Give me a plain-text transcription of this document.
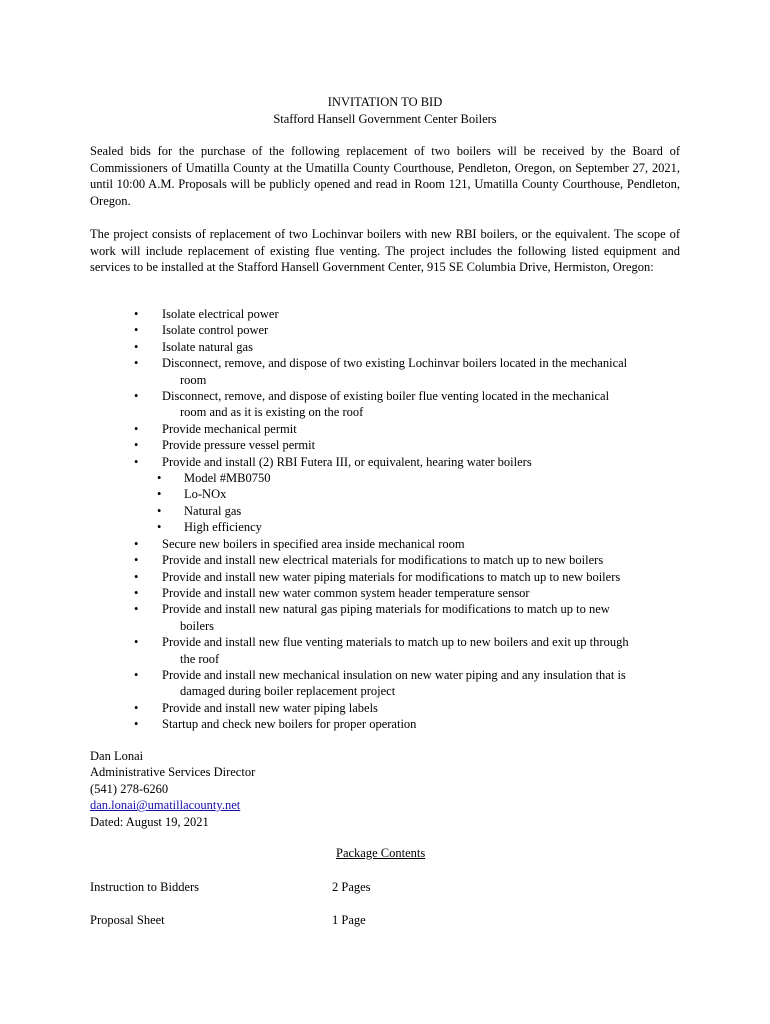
INVITATION TO BID
Stafford Hansell Government Center Boilers

Sealed bids for the purchase of the following replacement of two boilers will be received by the Board of Commissioners of Umatilla County at the Umatilla County Courthouse, Pendleton, Oregon, on September 27, 2021, until 10:00 A.M. Proposals will be publicly opened and read in Room 121, Umatilla County Courthouse, Pendleton, Oregon.

The project consists of replacement of two Lochinvar boilers with new RBI boilers, or the equivalent. The scope of work will include replacement of existing flue venting. The project includes the following listed equipment and services to be installed at the Stafford Hansell Government Center, 915 SE Columbia Drive, Hermiston, Oregon:

• Isolate electrical power
• Isolate control power
• Isolate natural gas
• Disconnect, remove, and dispose of two existing Lochinvar boilers located in the mechanical
room
• Disconnect, remove, and dispose of existing boiler flue venting located in the mechanical
room and as it is existing on the roof
• Provide mechanical permit
• Provide pressure vessel permit
• Provide and install (2) RBI Futera III, or equivalent, hearing water boilers
• Model #MB0750
• Lo-NOx
• Natural gas
• High efficiency
• Secure new boilers in specified area inside mechanical room
• Provide and install new electrical materials for modifications to match up to new boilers
• Provide and install new water piping materials for modifications to match up to new boilers
• Provide and install new water common system header temperature sensor
• Provide and install new natural gas piping materials for modifications to match up to new
boilers
• Provide and install new flue venting materials to match up to new boilers and exit up through
the roof
• Provide and install new mechanical insulation on new water piping and any insulation that is
damaged during boiler replacement project
• Provide and install new water piping labels
• Startup and check new boilers for proper operation
Dan Lonai
Administrative Services Director
(541) 278-6260
dan.lonai@umatillacounty.net
Dated: August 19, 2021
Package Contents
Instruction to Bidders	2 Pages
Proposal Sheet	1 Page
